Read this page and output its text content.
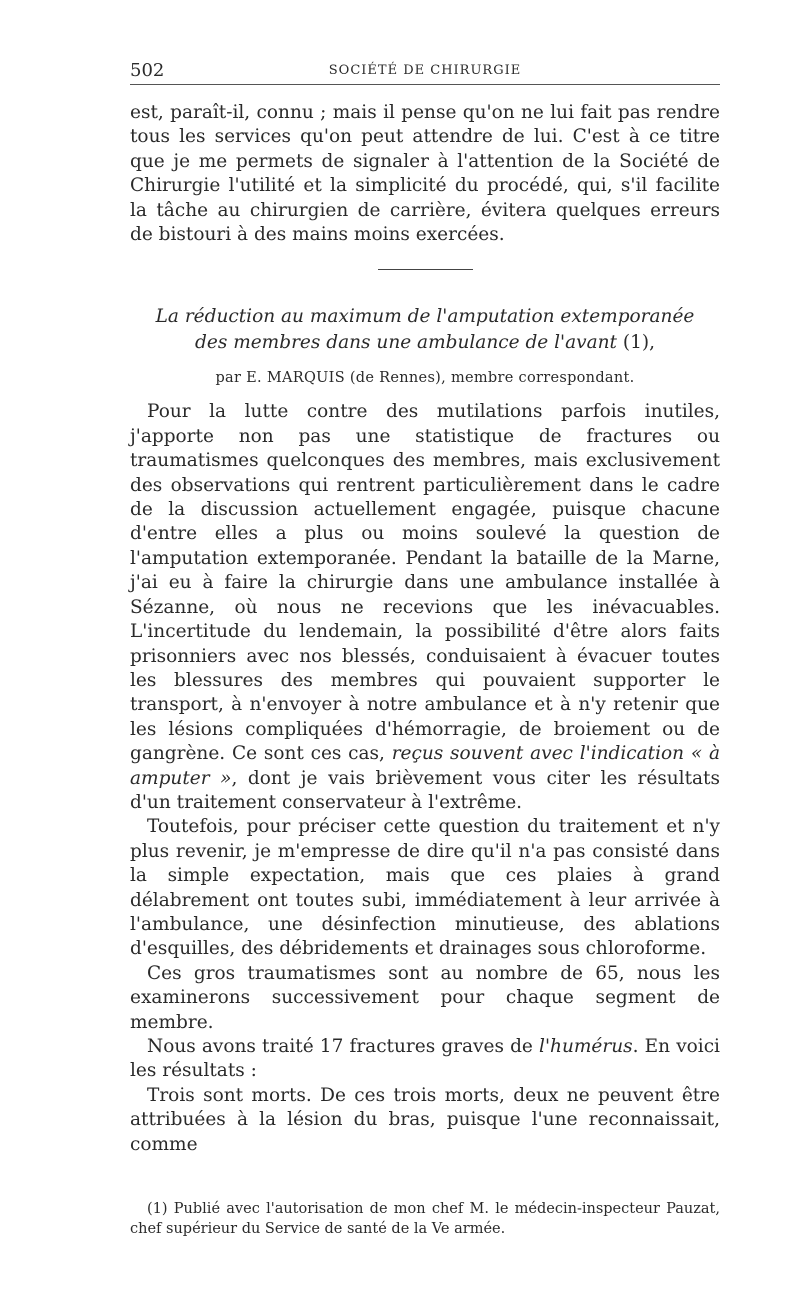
502	SOCIÉTÉ DE CHIRURGIE

est, paraît-il, connu ; mais il pense qu'on ne lui fait pas rendre tous les services qu'on peut attendre de lui. C'est à ce titre que je me permets de signaler à l'attention de la Société de Chirurgie l'utilité et la simplicité du procédé, qui, s'il facilite la tâche au chirurgien de carrière, évitera quelques erreurs de bistouri à des mains moins exercées.

La réduction au maximum de l'amputation extemporanée
des membres dans une ambulance de l'avant (1),
par E. MARQUIS (de Rennes), membre correspondant.

Pour la lutte contre des mutilations parfois inutiles, j'apporte non pas une statistique de fractures ou traumatismes quelconques des membres, mais exclusivement des observations qui rentrent particulièrement dans le cadre de la discussion actuellement engagée, puisque chacune d'entre elles a plus ou moins soulevé la question de l'amputation extemporanée. Pendant la bataille de la Marne, j'ai eu à faire la chirurgie dans une ambulance installée à Sézanne, où nous ne recevions que les inévacuables. L'incertitude du lendemain, la possibilité d'être alors faits prisonniers avec nos blessés, conduisaient à évacuer toutes les blessures des membres qui pouvaient supporter le transport, à n'envoyer à notre ambulance et à n'y retenir que les lésions compliquées d'hémorragie, de broiement ou de gangrène. Ce sont ces cas, reçus souvent avec l'indication « à amputer », dont je vais brièvement vous citer les résultats d'un traitement conservateur à l'extrême.

Toutefois, pour préciser cette question du traitement et n'y plus revenir, je m'empresse de dire qu'il n'a pas consisté dans la simple expectation, mais que ces plaies à grand délabrement ont toutes subi, immédiatement à leur arrivée à l'ambulance, une désinfection minutieuse, des ablations d'esquilles, des débridements et drainages sous chloroforme.

Ces gros traumatismes sont au nombre de 65, nous les examinerons successivement pour chaque segment de membre.

Nous avons traité 17 fractures graves de l'humérus. En voici les résultats :

Trois sont morts. De ces trois morts, deux ne peuvent être attribuées à la lésion du bras, puisque l'une reconnaissait, comme

(1) Publié avec l'autorisation de mon chef M. le médecin-inspecteur Pauzat, chef supérieur du Service de santé de la Ve armée.
